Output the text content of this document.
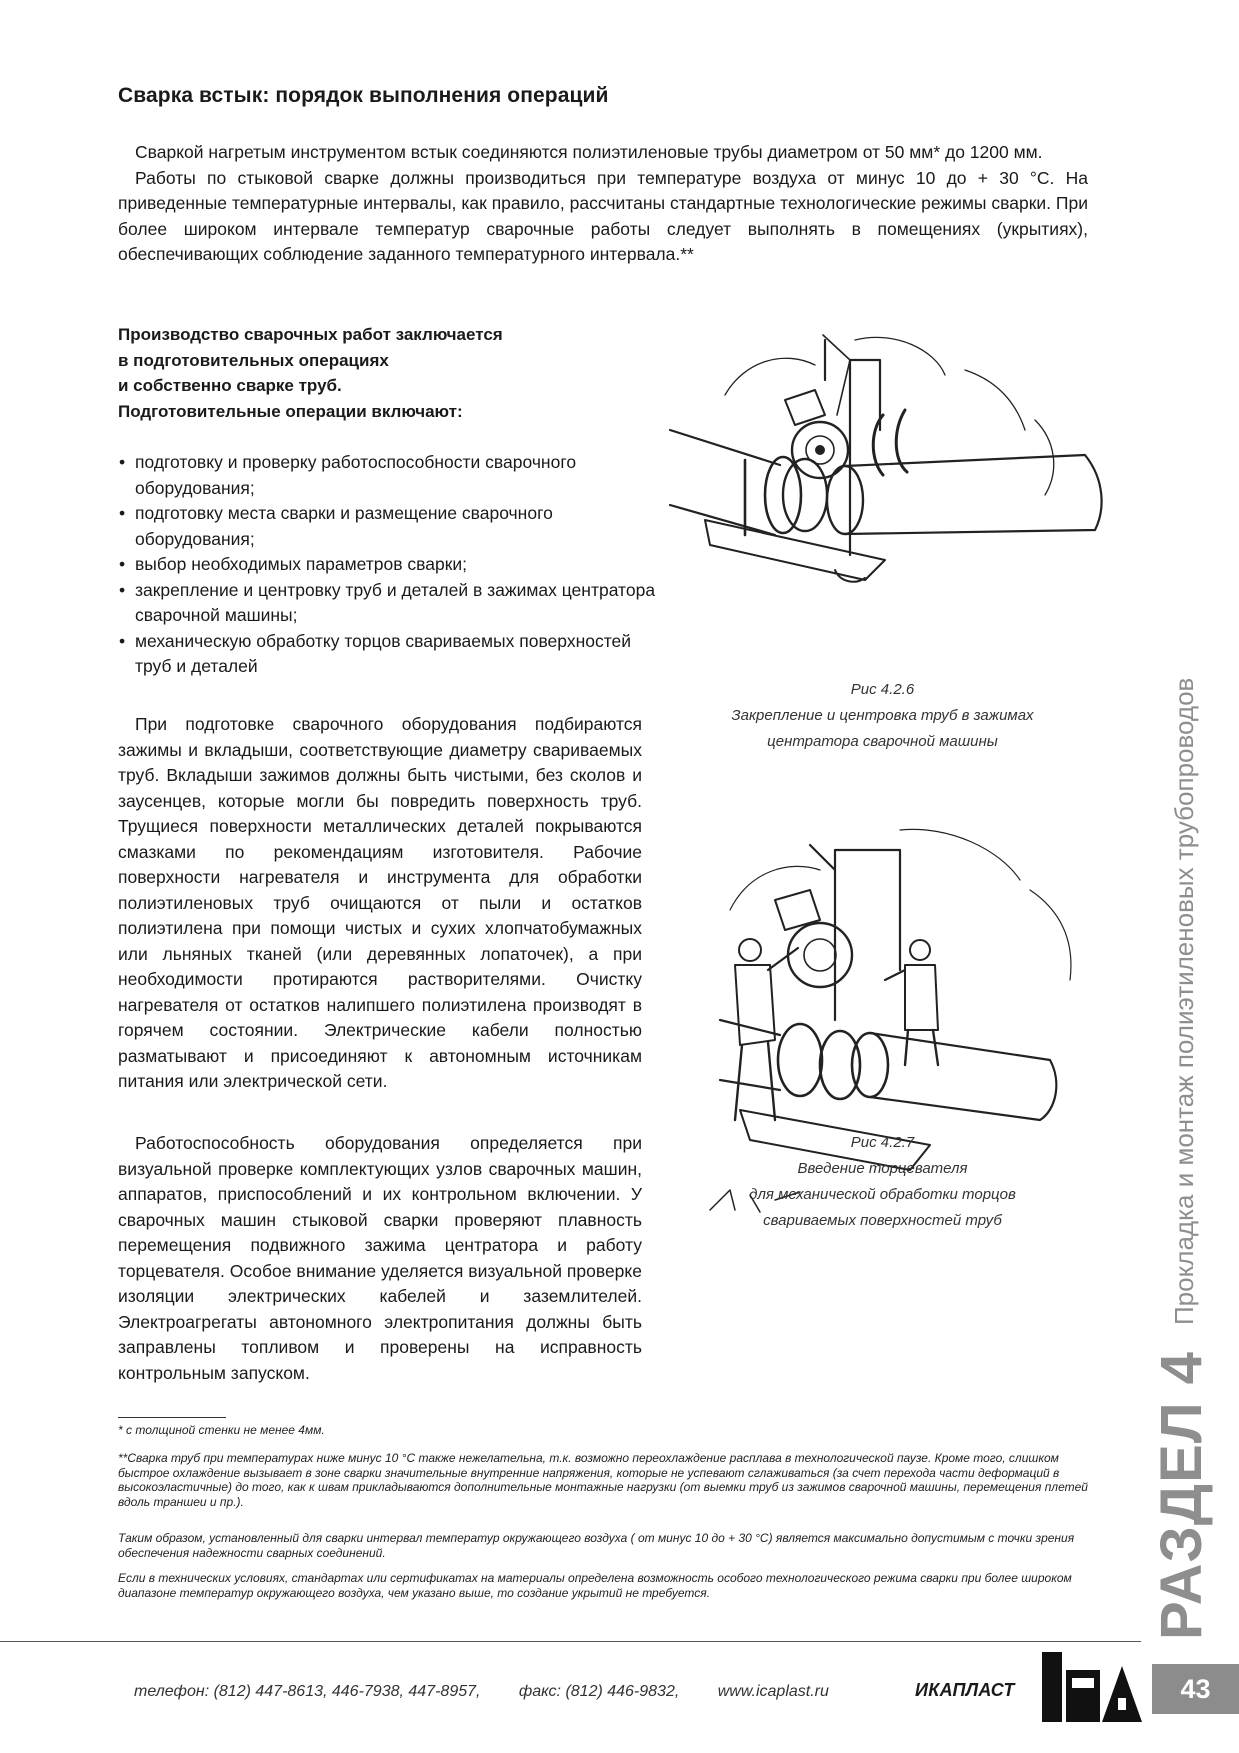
Сварка встык: порядок выполнения операций

Сваркой нагретым инструментом встык соединяются полиэтиленовые трубы диаметром от 50 мм* до 1200 мм.

Работы по стыковой сварке должны производиться при температуре воздуха от минус 10 до + 30 °С. На приведенные температурные интервалы, как правило, рассчитаны стандартные технологические режимы сварки. При более широком интервале температур сварочные работы следует выполнять в помещениях (укрытиях), обеспечивающих соблюдение заданного температурного интервала.**

Производство сварочных работ заключается
в подготовительных операциях
и собственно сварке труб.
Подготовительные операции включают:
• подготовку и проверку работоспособности сварочного оборудования;
• подготовку места сварки и размещение сварочного оборудования;
• выбор необходимых параметров сварки;
• закрепление и центровку труб и деталей в зажимах центратора сварочной машины;
• механическую обработку торцов свариваемых поверхностей труб и деталей

При подготовке сварочного оборудования подбираются зажимы и вкладыши, соответствующие диаметру свариваемых труб. Вкладыши зажимов должны быть чистыми, без сколов и заусенцев, которые могли бы повредить поверхность труб. Трущиеся поверхности металлических деталей покрываются смазками по рекомендациям изготовителя. Рабочие поверхности нагревателя и инструмента для обработки полиэтиленовых труб очищаются от пыли и остатков полиэтилена при помощи чистых и сухих хлопчатобумажных или льняных тканей (или деревянных лопаточек), а при необходимости протираются растворителями. Очистку нагревателя от остатков налипшего полиэтилена производят в горячем состоянии. Электрические кабели полностью разматывают и присоединяют к автономным источникам питания или электрической сети.

Работоспособность оборудования определяется при визуальной проверке комплектующих узлов сварочных машин, аппаратов, приспособлений и их контрольном включении. У сварочных машин стыковой сварки проверяют плавность перемещения подвижного зажима центратора и работу торцевателя. Особое внимание уделяется визуальной проверке изоляции электрических кабелей и заземлителей. Электроагрегаты автономного электропитания должны быть заправлены топливом и проверены на исправность контрольным запуском.

Рис 4.2.6
Закрепление и центровка труб в зажимах
центратора сварочной машины
Рис 4.2.7
Введение торцевателя
для механической обработки торцов
свариваемых поверхностей труб
* с толщиной стенки не менее 4мм.
**Сварка труб при температурах ниже минус 10 °С также нежелательна, т.к. возможно переохлаждение расплава в технологической паузе. Кроме того, слишком быстрое охлаждение вызывает в зоне сварки значительные внутренние напряжения, которые не успевают сглаживаться (за счет перехода части деформаций в высокоэластичные) до того, как к швам прикладываются дополнительные монтажные нагрузки (от выемки труб из зажимов сварочной машины, перемещения плетей вдоль траншеи и пр.).
Таким образом, установленный для сварки интервал температур окружающего воздуха ( от минус 10 до + 30 °С) является максимально допустимым с точки зрения обеспечения надежности сварных соединений.
Если в технических условиях, стандартах или сертификатах на материалы определена возможность особого технологического режима сварки при более широком диапазоне температур окружающего воздуха, чем указано выше, то создание укрытий не требуется.
телефон: (812) 447-8613, 446-7938, 447-8957, факс: (812) 446-9832, www.icaplast.ru	ИКАПЛАСТ	43
РАЗДЕЛ 4
Прокладка и монтаж полиэтиленовых трубопроводов
